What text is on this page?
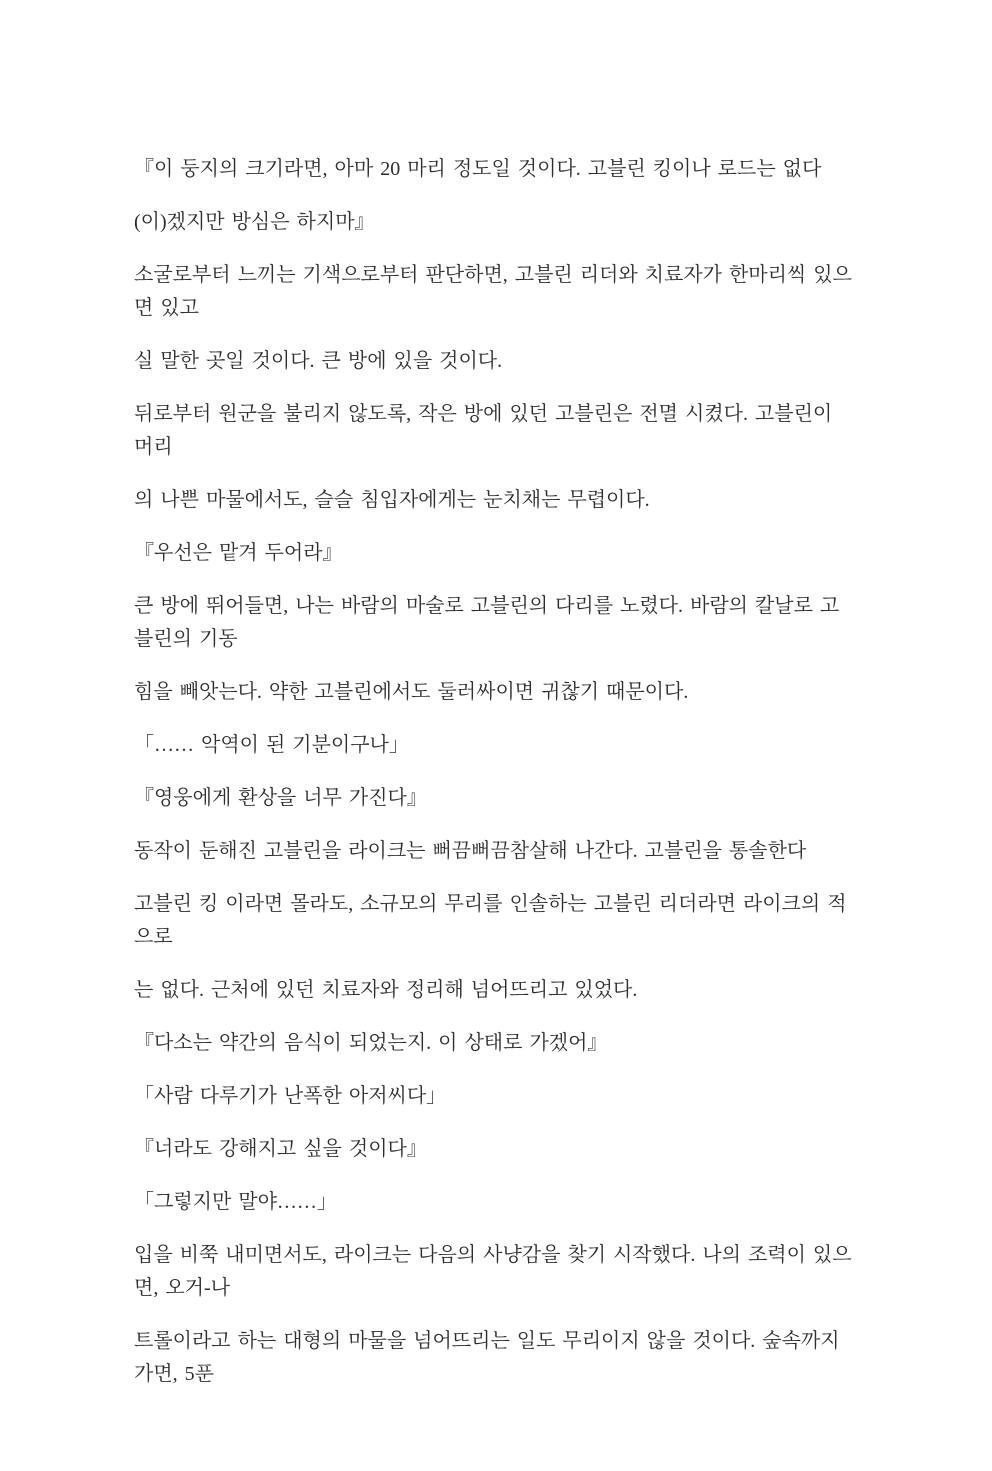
『이 둥지의 크기라면, 아마 20 마리 정도일 것이다. 고블린 킹이나 로드는 없다

(이)겠지만 방심은 하지마』

소굴로부터 느끼는 기색으로부터 판단하면, 고블린 리더와 치료자가 한마리씩 있으면 있고

실 말한 곳일 것이다. 큰 방에 있을 것이다.

뒤로부터 원군을 불리지 않도록, 작은 방에 있던 고블린은 전멸 시켰다. 고블린이 머리

의 나쁜 마물에서도, 슬슬 침입자에게는 눈치채는 무렵이다.

『우선은 맡겨 두어라』

큰 방에 뛰어들면, 나는 바람의 마술로 고블린의 다리를 노렸다. 바람의 칼날로 고블린의 기동

힘을 빼앗는다. 약한 고블린에서도 둘러싸이면 귀찮기 때문이다.

「…… 악역이 된 기분이구나」

『영웅에게 환상을 너무 가진다』

동작이 둔해진 고블린을 라이크는 뻐끔뻐끔참살해 나간다. 고블린을 통솔한다

고블린 킹 이라면 몰라도, 소규모의 무리를 인솔하는 고블린 리더라면 라이크의 적으로

는 없다. 근처에 있던 치료자와 정리해 넘어뜨리고 있었다.

『다소는 약간의 음식이 되었는지. 이 상태로 가겠어』

「사람 다루기가 난폭한 아저씨다」

『너라도 강해지고 싶을 것이다』

「그렇지만 말야……」

입을 비쭉 내미면서도, 라이크는 다음의 사냥감을 찾기 시작했다. 나의 조력이 있으면, 오거-나

트롤이라고 하는 대형의 마물을 넘어뜨리는 일도 무리이지 않을 것이다. 숲속까지 가면, 5푼
